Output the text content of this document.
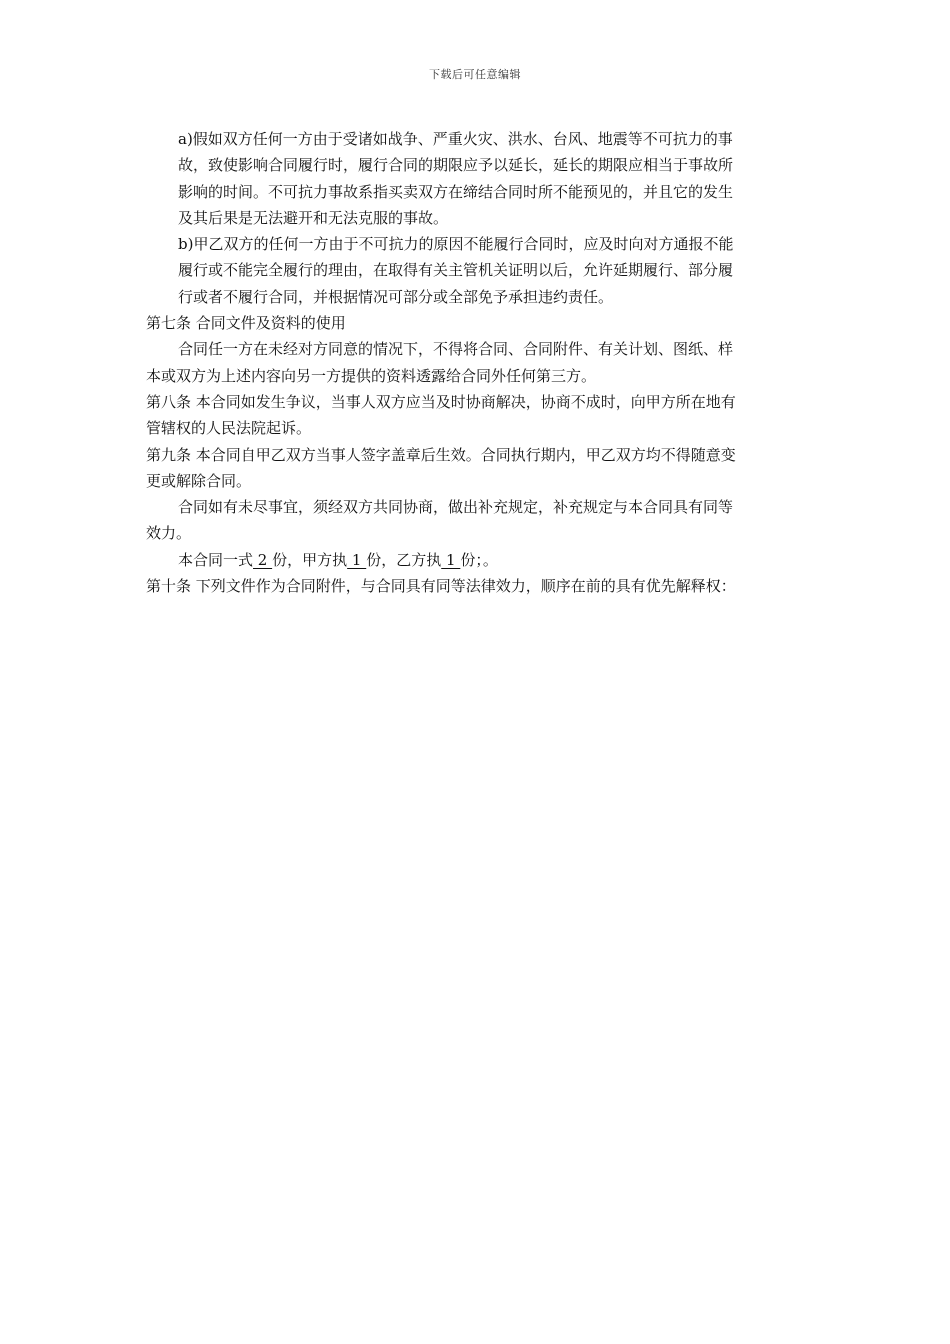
下载后可任意编辑
a)假如双方任何一方由于受诸如战争、严重火灾、洪水、台风、地震等不可抗力的事
故，致使影响合同履行时，履行合同的期限应予以延长，延长的期限应相当于事故所
影响的时间。不可抗力事故系指买卖双方在缔结合同时所不能预见的，并且它的发生
及其后果是无法避开和无法克服的事故。
b)甲乙双方的任何一方由于不可抗力的原因不能履行合同时，应及时向对方通报不能
履行或不能完全履行的理由，在取得有关主管机关证明以后，允许延期履行、部分履
行或者不履行合同，并根据情况可部分或全部免予承担违约责任。
第七条 合同文件及资料的使用
合同任一方在未经对方同意的情况下，不得将合同、合同附件、有关计划、图纸、样
本或双方为上述内容向另一方提供的资料透露给合同外任何第三方。
第八条 本合同如发生争议，当事人双方应当及时协商解决，协商不成时，向甲方所在地有
管辖权的人民法院起诉。
第九条 本合同自甲乙双方当事人签字盖章后生效。合同执行期内，甲乙双方均不得随意变
更或解除合同。
合同如有未尽事宜，须经双方共同协商，做出补充规定，补充规定与本合同具有同等
效力。
本合同一式 2 份，甲方执 1 份，乙方执 1 份；。
第十条 下列文件作为合同附件，与合同具有同等法律效力，顺序在前的具有优先解释权：
